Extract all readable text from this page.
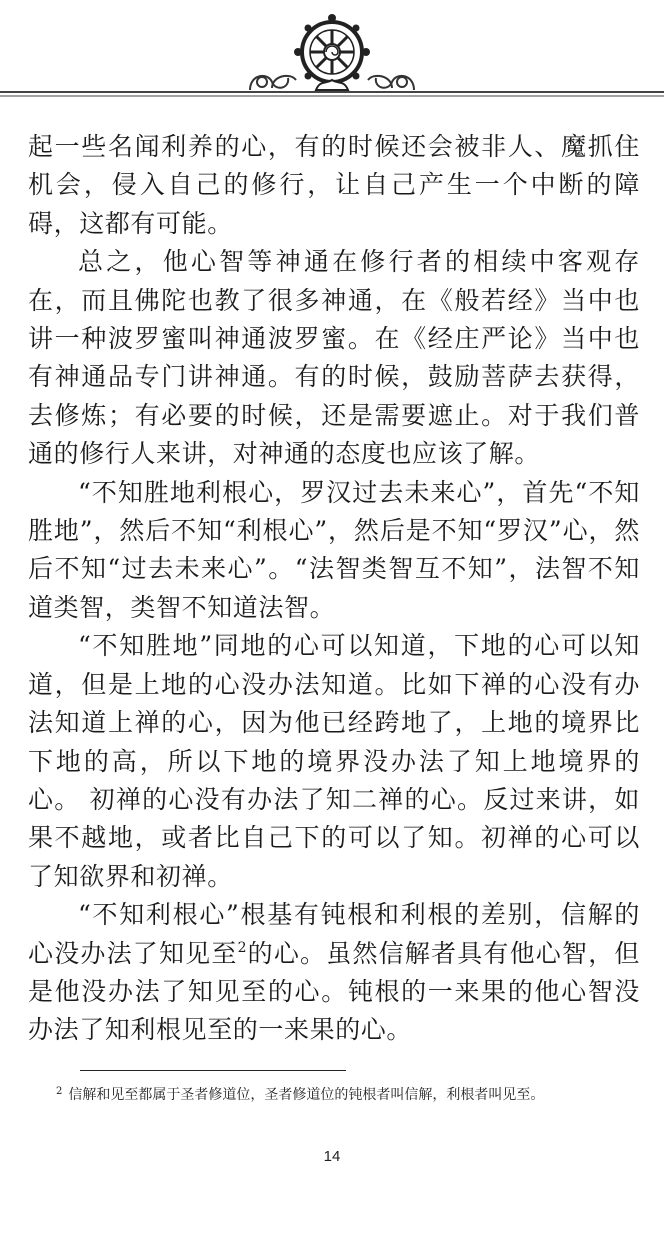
起一些名闻利养的心，有的时候还会被非人、魔抓住机会，侵入自己的修行，让自己产生一个中断的障碍，这都有可能。

总之，他心智等神通在修行者的相续中客观存在，而且佛陀也教了很多神通，在《般若经》当中也讲一种波罗蜜叫神通波罗蜜。在《经庄严论》当中也有神通品专门讲神通。有的时候，鼓励菩萨去获得，去修炼；有必要的时候，还是需要遮止。对于我们普通的修行人来讲，对神通的态度也应该了解。

“不知胜地利根心，罗汉过去未来心”，首先“不知胜地”，然后不知“利根心”，然后是不知“罗汉”心，然后不知“过去未来心”。“法智类智互不知”，法智不知道类智，类智不知道法智。

“不知胜地”同地的心可以知道，下地的心可以知道，但是上地的心没办法知道。比如下禅的心没有办法知道上禅的心，因为他已经跨地了，上地的境界比下地的高，所以下地的境界没办法了知上地境界的心。 初禅的心没有办法了知二禅的心。反过来讲，如果不越地，或者比自己下的可以了知。初禅的心可以了知欲界和初禅。

“不知利根心”根基有钝根和利根的差别，信解的心没办法了知见至$^2$的心。虽然信解者具有他心智，但是他没办法了知见至的心。钝根的一来果的他心智没办法了知利根见至的一来果的心。

$^2$ 信解和见至都属于圣者修道位，圣者修道位的钝根者叫信解，利根者叫见至。
14
